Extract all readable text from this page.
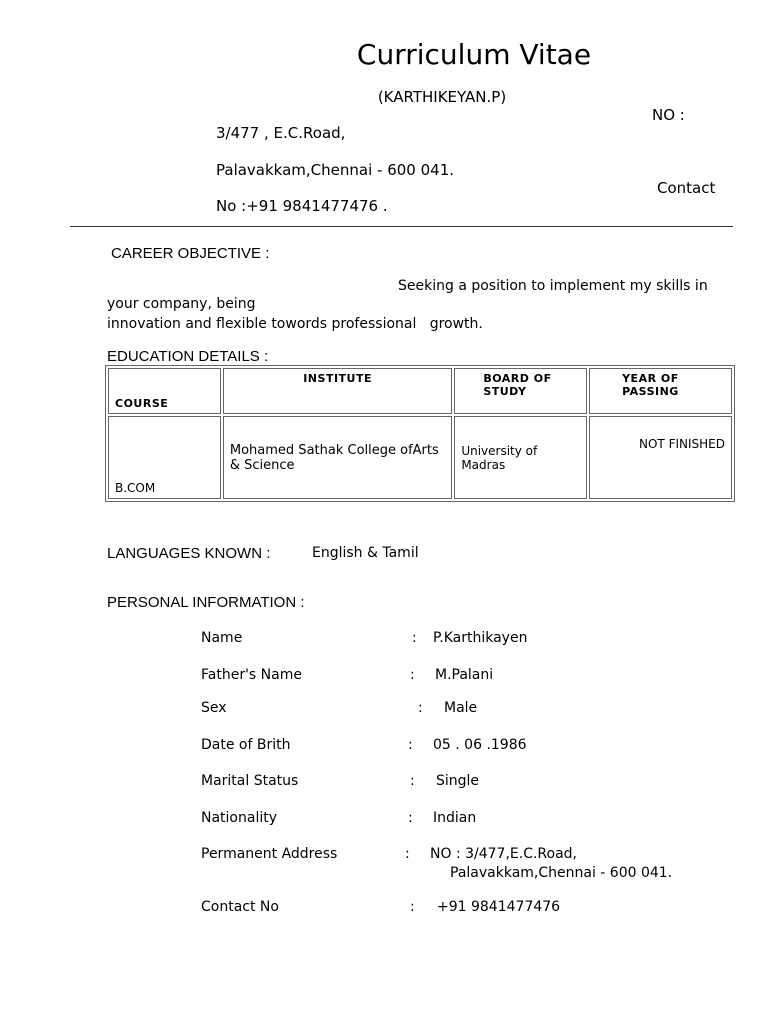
Curriculum Vitae
(KARTHIKEYAN.P)
NO :
3/477 , E.C.Road,
Palavakkam,Chennai - 600 041.
Contact
No :+91 9841477476 .
CAREER OBJECTIVE :
Seeking a position to implement my skills in
your company, being
innovation and flexible towords professional   growth.
EDUCATION DETAILS :
COURSE	INSTITUTE	BOARD OF STUDY	YEAR OF PASSING

B.COM	Mohamed Sathak College ofArts & Science	University of Madras	NOT FINISHED
LANGUAGES KNOWN :	English & Tamil
PERSONAL INFORMATION :
Name	: P.Karthikayen
Father's Name	: M.Palani
Sex	: Male
Date of Brith	: 05 . 06 .1986
Marital Status	: Single
Nationality	: Indian
Permanent Address	: NO : 3/477,E.C.Road,
Palavakkam,Chennai - 600 041.
Contact No	: +91 9841477476
